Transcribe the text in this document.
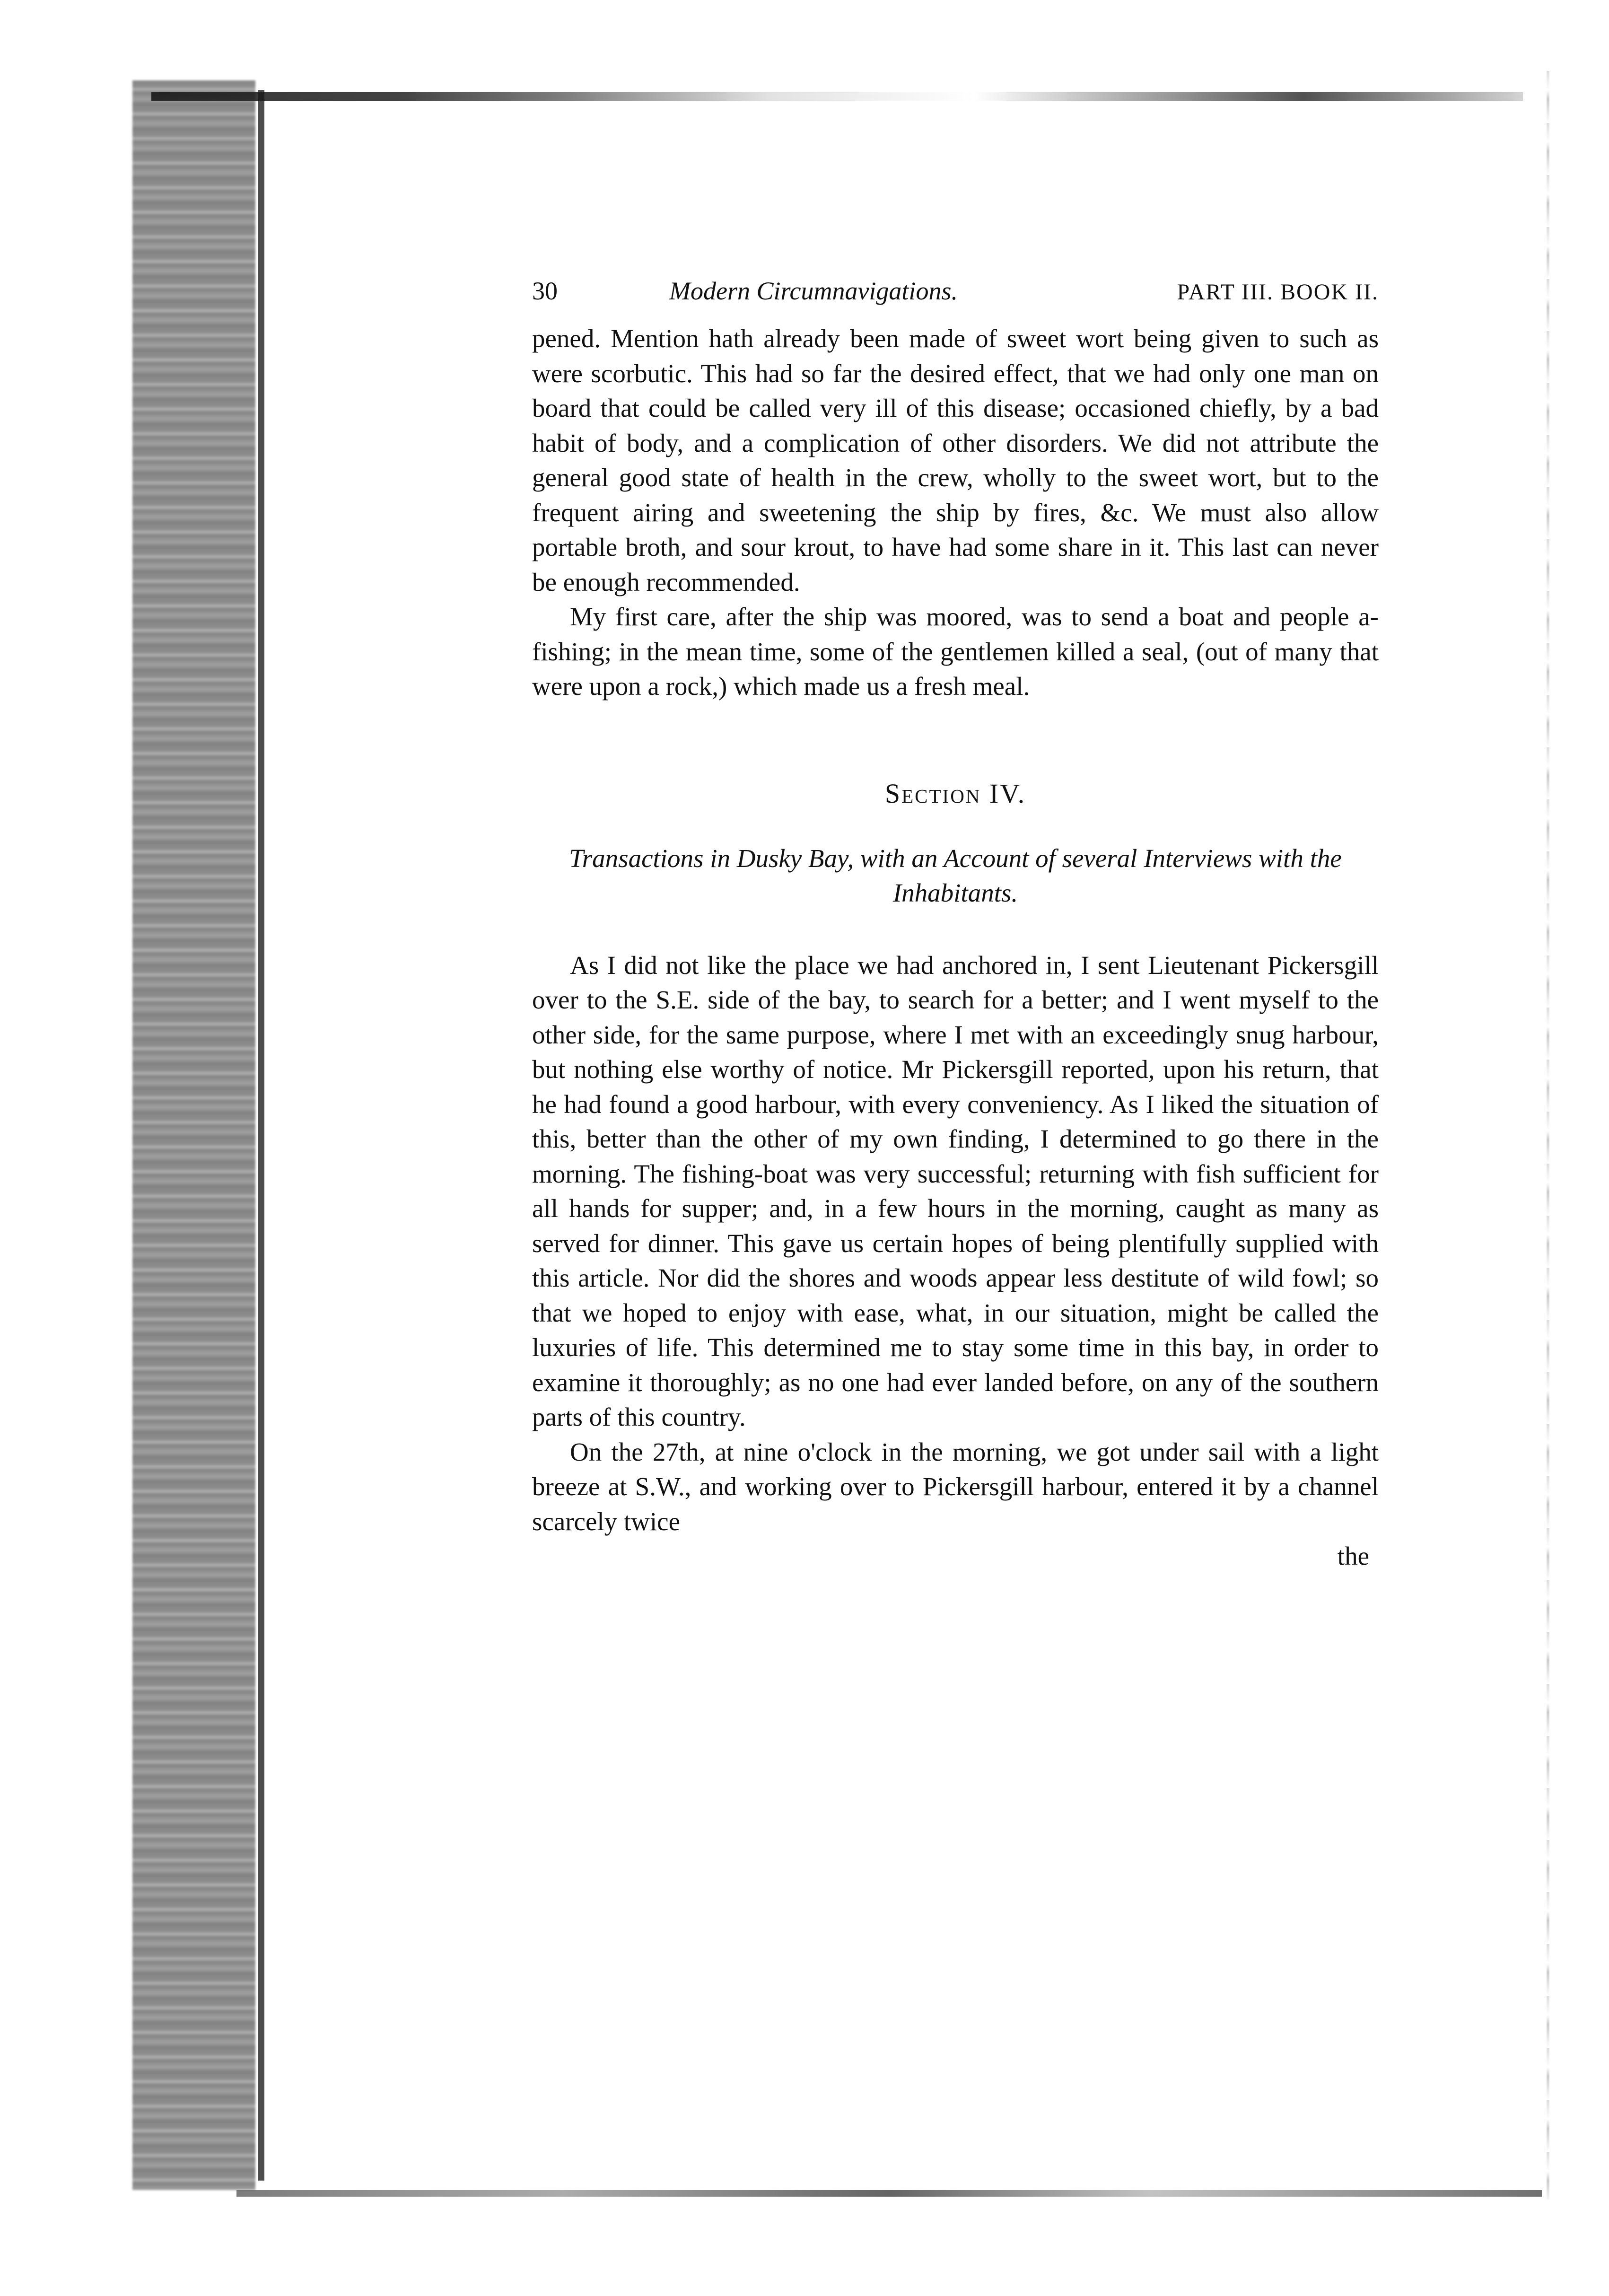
30	Modern Circumnavigations.	PART III. BOOK II.

pened. Mention hath already been made of sweet wort being given to such as were scorbutic. This had so far the desired effect, that we had only one man on board that could be called very ill of this disease; occasioned chiefly, by a bad habit of body, and a complication of other disorders. We did not attribute the general good state of health in the crew, wholly to the sweet wort, but to the frequent airing and sweetening the ship by fires, &c. We must also allow portable broth, and sour krout, to have had some share in it. This last can never be enough recommended.

My first care, after the ship was moored, was to send a boat and people a-fishing; in the mean time, some of the gentlemen killed a seal, (out of many that were upon a rock,) which made us a fresh meal.

Section IV.
Transactions in Dusky Bay, with an Account of several Interviews with the Inhabitants.

As I did not like the place we had anchored in, I sent Lieutenant Pickersgill over to the S.E. side of the bay, to search for a better; and I went myself to the other side, for the same purpose, where I met with an exceedingly snug harbour, but nothing else worthy of notice. Mr Pickersgill reported, upon his return, that he had found a good harbour, with every conveniency. As I liked the situation of this, better than the other of my own finding, I determined to go there in the morning. The fishing-boat was very successful; returning with fish sufficient for all hands for supper; and, in a few hours in the morning, caught as many as served for dinner. This gave us certain hopes of being plentifully supplied with this article. Nor did the shores and woods appear less destitute of wild fowl; so that we hoped to enjoy with ease, what, in our situation, might be called the luxuries of life. This determined me to stay some time in this bay, in order to examine it thoroughly; as no one had ever landed before, on any of the southern parts of this country.

On the 27th, at nine o'clock in the morning, we got under sail with a light breeze at S.W., and working over to Pickersgill harbour, entered it by a channel scarcely twice

the
